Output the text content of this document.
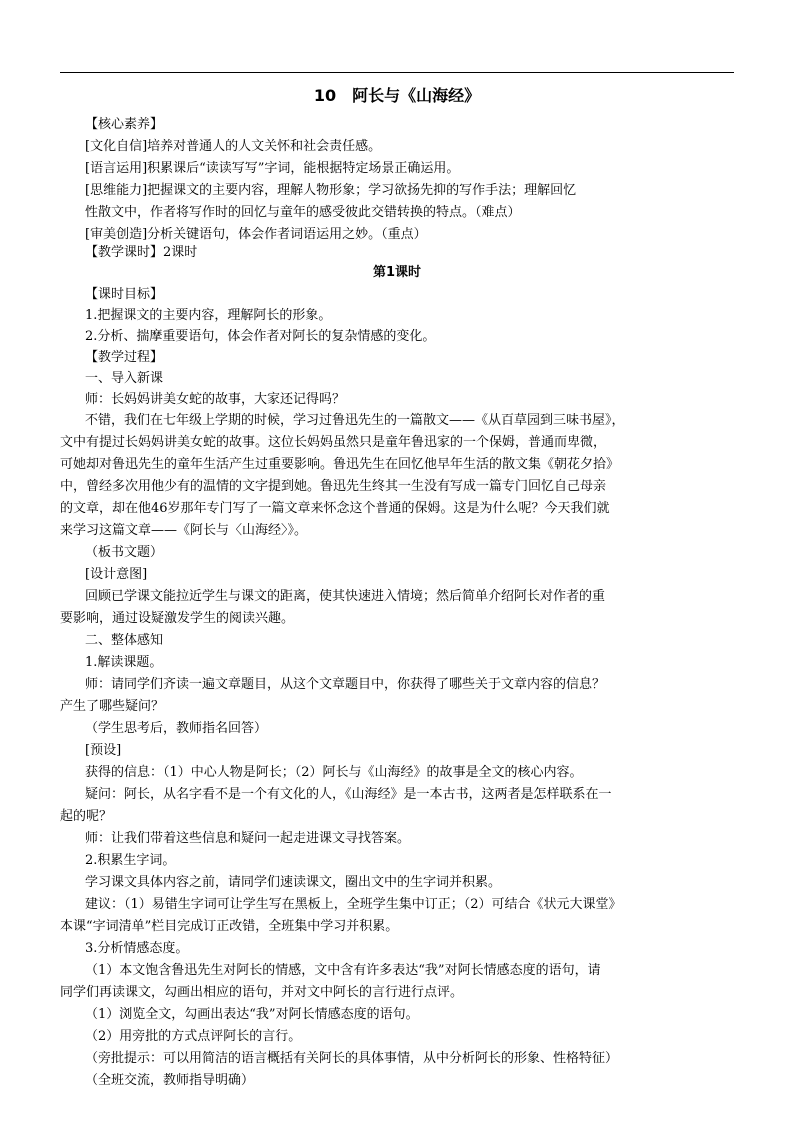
10　阿长与《山海经》
【核心素养】
[文化自信]培养对普通人的人文关怀和社会责任感。
[语言运用]积累课后“读读写写”字词，能根据特定场景正确运用。
[思维能力]把握课文的主要内容，理解人物形象；学习欲扬先抑的写作手法；理解回忆
性散文中，作者将写作时的回忆与童年的感受彼此交错转换的特点。（难点）
[审美创造]分析关键语句，体会作者词语运用之妙。（重点）
【教学课时】2课时
第1课时
【课时目标】
1.把握课文的主要内容，理解阿长的形象。
2.分析、揣摩重要语句，体会作者对阿长的复杂情感的变化。
【教学过程】
一、导入新课
师：长妈妈讲美女蛇的故事，大家还记得吗？
不错，我们在七年级上学期的时候，学习过鲁迅先生的一篇散文——《从百草园到三味书屋》，
文中有提过长妈妈讲美女蛇的故事。这位长妈妈虽然只是童年鲁迅家的一个保姆，普通而卑微，
可她却对鲁迅先生的童年生活产生过重要影响。鲁迅先生在回忆他早年生活的散文集《朝花夕拾》
中，曾经多次用他少有的温情的文字提到她。鲁迅先生终其一生没有写成一篇专门回忆自己母亲
的文章，却在他46岁那年专门写了一篇文章来怀念这个普通的保姆。这是为什么呢？今天我们就
来学习这篇文章——《阿长与〈山海经〉》。
（板书文题）
[设计意图]
回顾已学课文能拉近学生与课文的距离，使其快速进入情境；然后简单介绍阿长对作者的重
要影响，通过设疑激发学生的阅读兴趣。
二、整体感知
1.解读课题。
师：请同学们齐读一遍文章题目，从这个文章题目中，你获得了哪些关于文章内容的信息？
产生了哪些疑问？
（学生思考后，教师指名回答）
[预设]
获得的信息：（1）中心人物是阿长；（2）阿长与《山海经》的故事是全文的核心内容。
疑问：阿长，从名字看不是一个有文化的人，《山海经》是一本古书，这两者是怎样联系在一
起的呢？
师：让我们带着这些信息和疑问一起走进课文寻找答案。
2.积累生字词。
学习课文具体内容之前，请同学们速读课文，圈出文中的生字词并积累。
建议：（1）易错生字词可让学生写在黑板上，全班学生集中订正；（2）可结合《状元大课堂》
本课“字词清单”栏目完成订正改错，全班集中学习并积累。
3.分析情感态度。
（1）本文饱含鲁迅先生对阿长的情感，文中含有许多表达“我”对阿长情感态度的语句，请
同学们再读课文，勾画出相应的语句，并对文中阿长的言行进行点评。
（1）浏览全文，勾画出表达“我”对阿长情感态度的语句。
（2）用旁批的方式点评阿长的言行。
（旁批提示：可以用简洁的语言概括有关阿长的具体事情，从中分析阿长的形象、性格特征）
（全班交流，教师指导明确）
